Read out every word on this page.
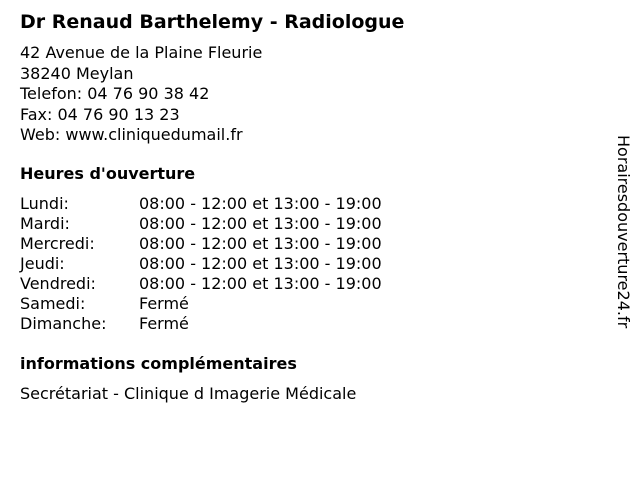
Dr Renaud Barthelemy - Radiologue
42 Avenue de la Plaine Fleurie
38240 Meylan
Telefon: 04 76 90 38 42
Fax: 04 76 90 13 23
Web: www.cliniquedumail.fr
Heures d'ouverture
Lundi:	08:00 - 12:00 et 13:00 - 19:00
Mardi:	08:00 - 12:00 et 13:00 - 19:00
Mercredi:	08:00 - 12:00 et 13:00 - 19:00
Jeudi:	08:00 - 12:00 et 13:00 - 19:00
Vendredi:	08:00 - 12:00 et 13:00 - 19:00
Samedi:	Fermé
Dimanche: Fermé
informations complémentaires
Secrétariat - Clinique d Imagerie Médicale
Horairesdouverture24.fr
